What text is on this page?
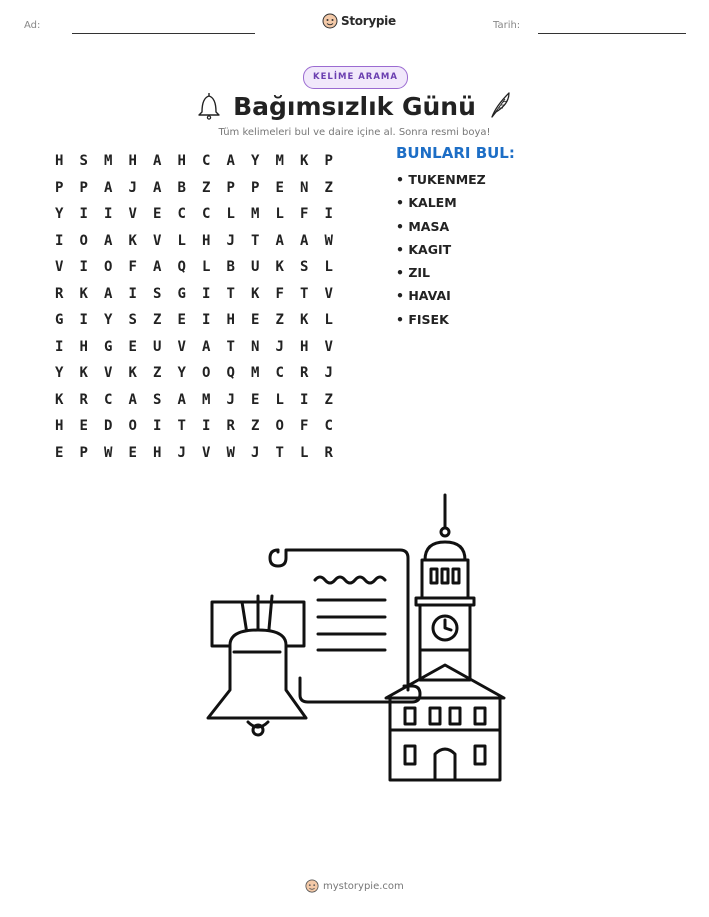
Ad:	Storypie	Tarih:
KELİME ARAMA
Bağımsızlık Günü
Tüm kelimeleri bul ve daire içine al. Sonra resmi boya!
H	S	M	H	A	H	C	A	Y	M	K	P
P	P	A	J	A	B	Z	P	P	E	N	Z
Y	I	I	V	E	C	C	L	M	L	F	I
I	O	A	K	V	L	H	J	T	A	A	W
V	I	O	F	A	Q	L	B	U	K	S	L
R	K	A	I	S	G	I	T	K	F	T	V
G	I	Y	S	Z	E	I	H	E	Z	K	L
I	H	G	E	U	V	A	T	N	J	H	V
Y	K	V	K	Z	Y	O	Q	M	C	R	J
K	R	C	A	S	A	M	J	E	L	I	Z
H	E	D	O	I	T	I	R	Z	O	F	C
E	P	W	E	H	J	V	W	J	T	L	R
BUNLARI BUL:
• TUKENMEZ
• KALEM
• MASA
• KAGIT
• ZIL
• HAVAI
• FISEK
mystorypie.com
